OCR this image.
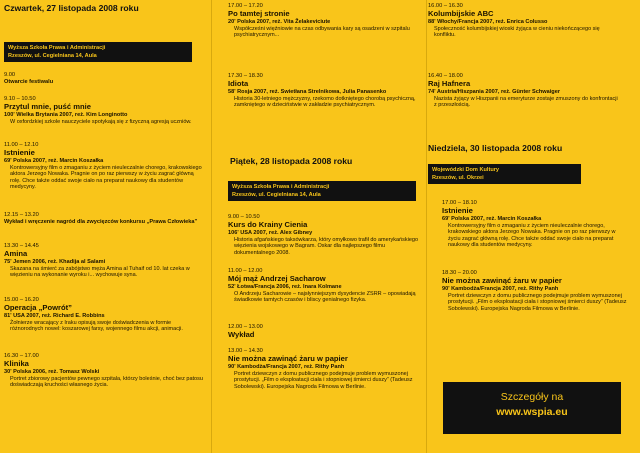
Czwartek, 27 listopada 2008 roku
Wyższa Szkoła Prawa i Administracji
Rzeszów, ul. Cegielniana 14, Aula
9.00
Otwarcie festiwalu
9.10 – 10.50
Przytul mnie, puść mnie
100' Wielka Brytania 2007, reż. Kim Longinotto
W oxfordzkiej szkole nauczyciele spotykają się z fizyczną agresją uczniów.
11.00 – 12.10
Istnienie
69' Polska 2007, reż. Marcin Koszałka
Kontrowersyjny film o zmaganiu z życiem nieuleczalnie chorego, krakowskiego aktora Jerzego Nowaka. Pragnie on po raz pierwszy w życiu zagrać główną rolę. Chce także oddać swoje ciało na preparat naukowy dla studentów medycyny.
12.15 – 13.20
Wykład i wręczenie nagród dla zwycięzców konkursu „Prawa Człowieka”
13.30 – 14.45
Amina
75' Jemen 2006, reż. Khadija al Salami
Skazana na śmierć za zabójstwo męża Amina al Tuhaif od 10. lat czeka w więzieniu na wykonanie wyroku i... wychowuje syna.
15.00 – 16.20
Operacja „Powrót”
81' USA 2007, reż. Richard E. Robbins
Żołnierze wracający z Iraku opisują swoje doświadczenia w formie różnorodnych nowel: koszarowej farsy, wojennego filmu akcji, animacji.
16.30 – 17.00
Klinika
30' Polska 2006, reż. Tomasz Wolski
Portret zbiorowy pacjentów pewnego szpitala, którzy boleśnie, choć bez patosu doświadczają kruchości własnego życia.
17.00 – 17.20
Po tamtej stronie
20' Polska 2007, reż. Vita Želakeviciute
Współcześni więźniowie na czas odbywania kary są osadzeni w szpitalu psychiatrycznym...
17.30 – 18.30
Idiota
58' Rosja 2007, reż. Swietłana Strelnikowa, Julia Panasenko
Historia 30-letniego mężczyzny, rzekomo dotkniętego chorobą psychiczną, zamkniętego w dzieciństwie w zakładzie psychiatrycznym.
Piątek, 28 listopada 2008 roku
Wyższa Szkoła Prawa i Administracji
Rzeszów, ul. Cegielniana 14, Aula
9.00 – 10.50
Kurs do Krainy Cienia
106' USA 2007, reż. Alex Gibney
Historia afgańskiego taksówkarza, który omyłkowo trafił do amerykańskiego więzienia wojskowego w Bagram. Oskar dla najlepszego filmu dokumentalnego 2008.
11.00 – 12.00
Mój mąż Andrzej Sacharow
52' Łotwa/Francja 2006, reż. Inara Kolmane
O Andrzeju Sacharowie – najsłynniejszym dysydencie ZSRR – opowiadają świadkowie tamtych czasów i bliscy genialnego fizyka.
12.00 – 13.00
Wykład
13.00 – 14.30
Nie można zawinąć żaru w papier
90' Kambodża/Francja 2007, reż. Rithy Panh
Portret dziewczyn z domu publicznego podejmuje problem wymuszonej prostytucji. „Film o eksploatacji ciała i stopniowej śmierci duszy” (Tadeusz Sobolewski). Europejska Nagroda Filmowa w Berlinie.
16.00 – 16.30
Kolumbijskie ABC
88' Włochy/Francja 2007, reż. Enrica Colusso
Społeczność kolumbijskiej wioski żyjąca w cieniu niekończącego się konfliktu.
16.40 – 18.00
Raj Hafnera
74' Austria/Hiszpania 2007, reż. Günter Schwaiger
Nazista żyjący w Hiszpanii na emeryturze zostaje zmuszony do konfrontacji z przeszłością.
Niedziela, 30 listopada 2008 roku
Wojewódzki Dom Kultury
Rzeszów, ul. Okrzei
17.00 – 18.10
Istnienie
69' Polska 2007, reż. Marcin Koszałka
Kontrowersyjny film o zmaganiu z życiem nieuleczalnie chorego, krakowskiego aktora Jerzego Nowaka. Pragnie on po raz pierwszy w życiu zagrać główną rolę. Chce także oddać swoje ciało na preparat naukowy dla studentów medycyny.
18.30 – 20.00
Nie można zawinąć żaru w papier
90' Kambodża/Francja 2007, reż. Rithy Panh
Portret dziewczyn z domu publicznego podejmuje problem wymuszonej prostytucji. „Film o eksploatacji ciała i stopniowej śmierci duszy” (Tadeusz Sobolewski). Europejska Nagroda Filmowa w Berlinie.
Szczegóły na
www.wspia.eu
